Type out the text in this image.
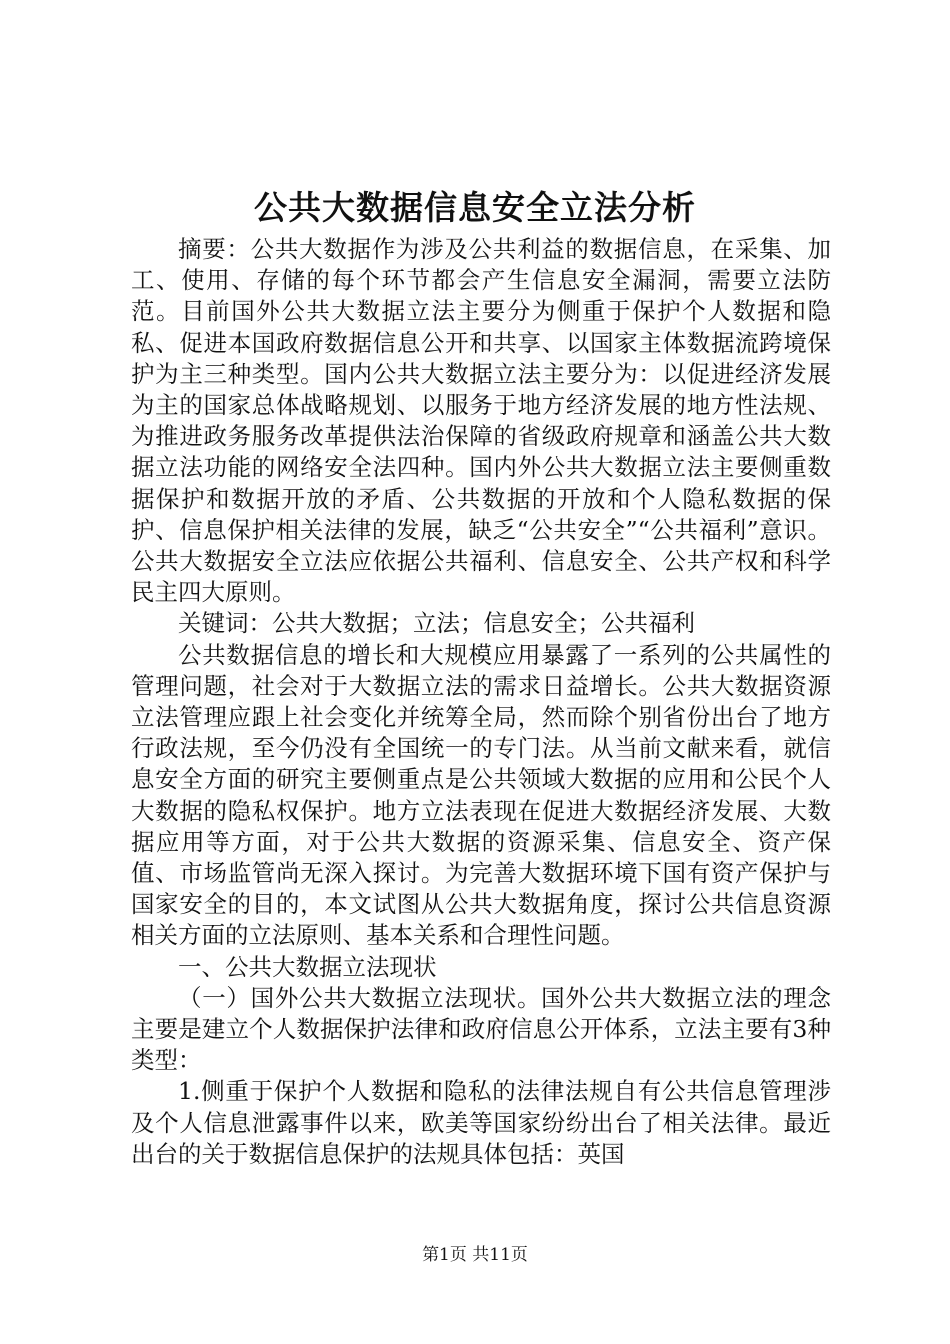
公共大数据信息安全立法分析

摘要：公共大数据作为涉及公共利益的数据信息，在采集、加工、使用、存储的每个环节都会产生信息安全漏洞，需要立法防范。目前国外公共大数据立法主要分为侧重于保护个人数据和隐私、促进本国政府数据信息公开和共享、以国家主体数据流跨境保护为主三种类型。国内公共大数据立法主要分为：以促进经济发展为主的国家总体战略规划、以服务于地方经济发展的地方性法规、为推进政务服务改革提供法治保障的省级政府规章和涵盖公共大数据立法功能的网络安全法四种。国内外公共大数据立法主要侧重数据保护和数据开放的矛盾、公共数据的开放和个人隐私数据的保护、信息保护相关法律的发展，缺乏“公共安全”“公共福利”意识。公共大数据安全立法应依据公共福利、信息安全、公共产权和科学民主四大原则。

关键词：公共大数据；立法；信息安全；公共福利

公共数据信息的增长和大规模应用暴露了一系列的公共属性的管理问题，社会对于大数据立法的需求日益增长。公共大数据资源立法管理应跟上社会变化并统筹全局，然而除个别省份出台了地方行政法规，至今仍没有全国统一的专门法。从当前文献来看，就信息安全方面的研究主要侧重点是公共领域大数据的应用和公民个人大数据的隐私权保护。地方立法表现在促进大数据经济发展、大数据应用等方面，对于公共大数据的资源采集、信息安全、资产保值、市场监管尚无深入探讨。为完善大数据环境下国有资产保护与国家安全的目的，本文试图从公共大数据角度，探讨公共信息资源相关方面的立法原则、基本关系和合理性问题。

一、公共大数据立法现状

（一）国外公共大数据立法现状。国外公共大数据立法的理念主要是建立个人数据保护法律和政府信息公开体系，立法主要有3种类型：

1.侧重于保护个人数据和隐私的法律法规自有公共信息管理涉及个人信息泄露事件以来，欧美等国家纷纷出台了相关法律。最近出台的关于数据信息保护的法规具体包括：英国

第1页 共11页
